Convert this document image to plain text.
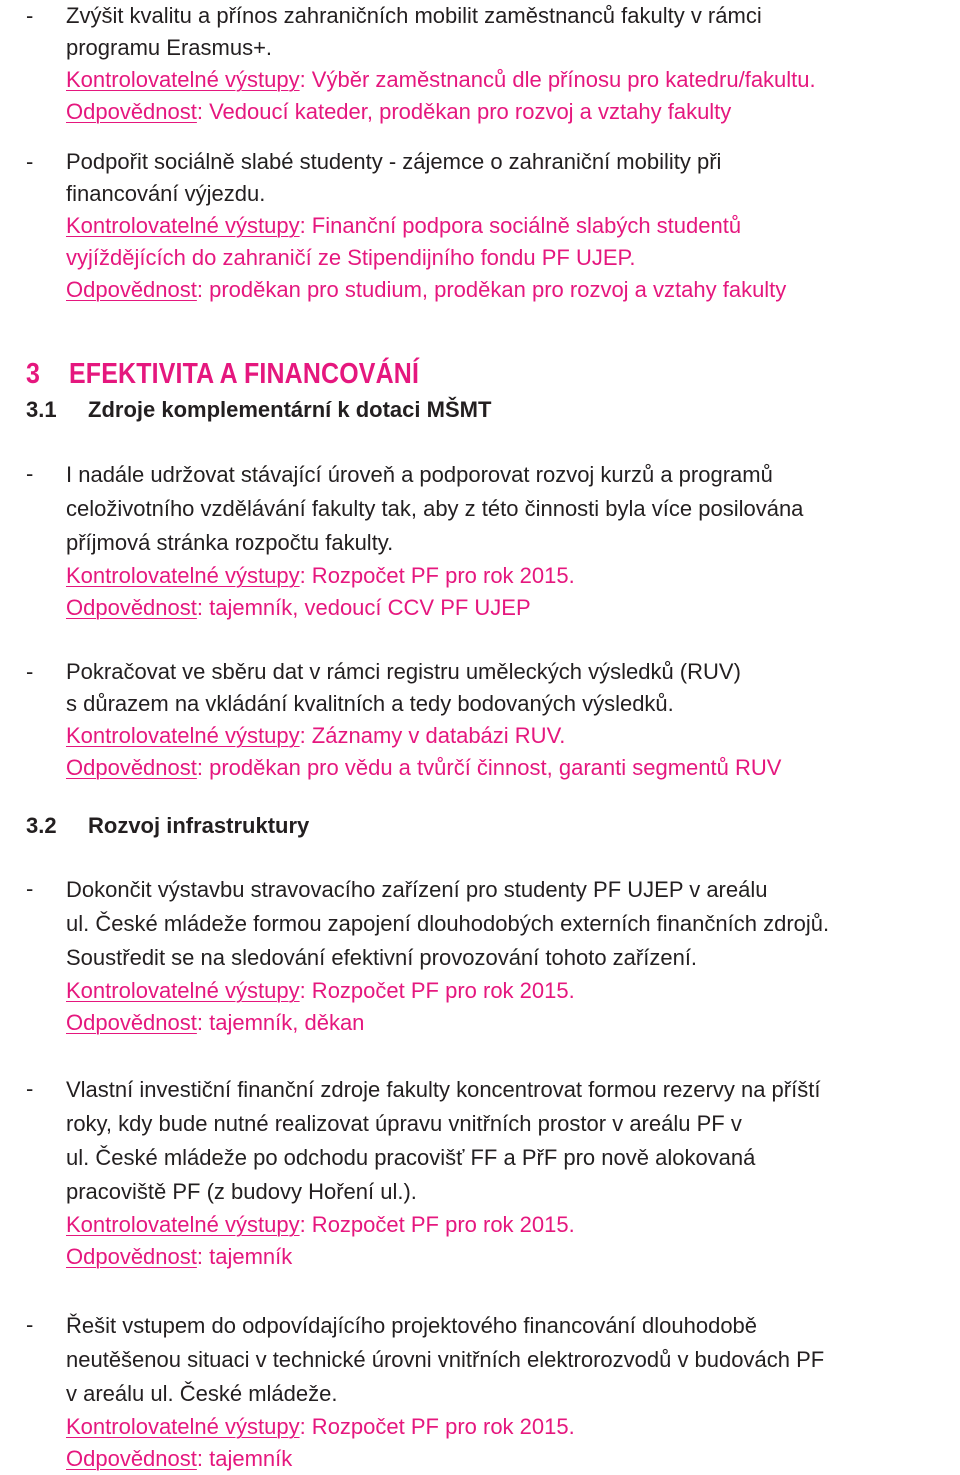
- Zvýšit kvalitu a přínos zahraničních mobilit zaměstnanců fakulty v rámci
programu Erasmus+.
Kontrolovatelné výstupy: Výběr zaměstnanců dle přínosu pro katedru/fakultu.
Odpovědnost: Vedoucí kateder, proděkan pro rozvoj a vztahy fakulty
- Podpořit sociálně slabé studenty - zájemce o zahraniční mobility při
financování výjezdu.
Kontrolovatelné výstupy: Finanční podpora sociálně slabých studentů
vyjíždějících do zahraničí ze Stipendijního fondu PF UJEP.
Odpovědnost: proděkan pro studium, proděkan pro rozvoj a vztahy fakulty
3 EFEKTIVITA A FINANCOVÁNÍ
3.1 Zdroje komplementární k dotaci MŠMT
- I nadále udržovat stávající úroveň a podporovat rozvoj kurzů a programů
celoživotního vzdělávání fakulty tak, aby z této činnosti byla více posilována
příjmová stránka rozpočtu fakulty.
Kontrolovatelné výstupy: Rozpočet PF pro rok 2015.
Odpovědnost: tajemník, vedoucí CCV PF UJEP
- Pokračovat ve sběru dat v rámci registru uměleckých výsledků (RUV)
s důrazem na vkládání kvalitních a tedy bodovaných výsledků.
Kontrolovatelné výstupy: Záznamy v databázi RUV.
Odpovědnost: proděkan pro vědu a tvůrčí činnost, garanti segmentů RUV
3.2 Rozvoj infrastruktury
- Dokončit výstavbu stravovacího zařízení pro studenty PF UJEP v areálu
ul. České mládeže formou zapojení dlouhodobých externích finančních zdrojů.
Soustředit se na sledování efektivní provozování tohoto zařízení.
Kontrolovatelné výstupy: Rozpočet PF pro rok 2015.
Odpovědnost: tajemník, děkan
- Vlastní investiční finanční zdroje fakulty koncentrovat formou rezervy na příští
roky, kdy bude nutné realizovat úpravu vnitřních prostor v areálu PF v
ul. České mládeže po odchodu pracovišť FF a PřF pro nově alokovaná
pracoviště PF (z budovy Hoření ul.).
Kontrolovatelné výstupy: Rozpočet PF pro rok 2015.
Odpovědnost: tajemník
- Řešit vstupem do odpovídajícího projektového financování dlouhodobě
neutěšenou situaci v technické úrovni vnitřních elektrorozvodů v budovách PF
v areálu ul. České mládeže.
Kontrolovatelné výstupy: Rozpočet PF pro rok 2015.
Odpovědnost: tajemník
